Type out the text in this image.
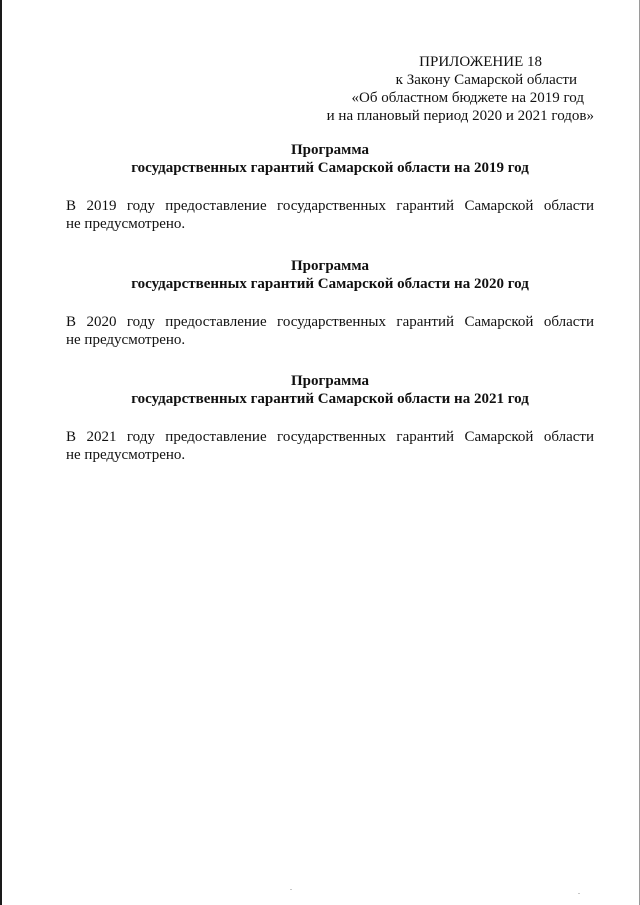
ПРИЛОЖЕНИЕ 18
к Закону Самарской области
«Об областном бюджете на 2019 год
и на плановый период 2020 и 2021 годов»
Программа
государственных гарантий Самарской области на 2019 год
В 2019 году предоставление государственных гарантий Самарской области
не предусмотрено.
Программа
государственных гарантий Самарской области на 2020 год
В 2020 году предоставление государственных гарантий Самарской области
не предусмотрено.
Программа
государственных гарантий Самарской области на 2021 год
В 2021 году предоставление государственных гарантий Самарской области
не предусмотрено.
